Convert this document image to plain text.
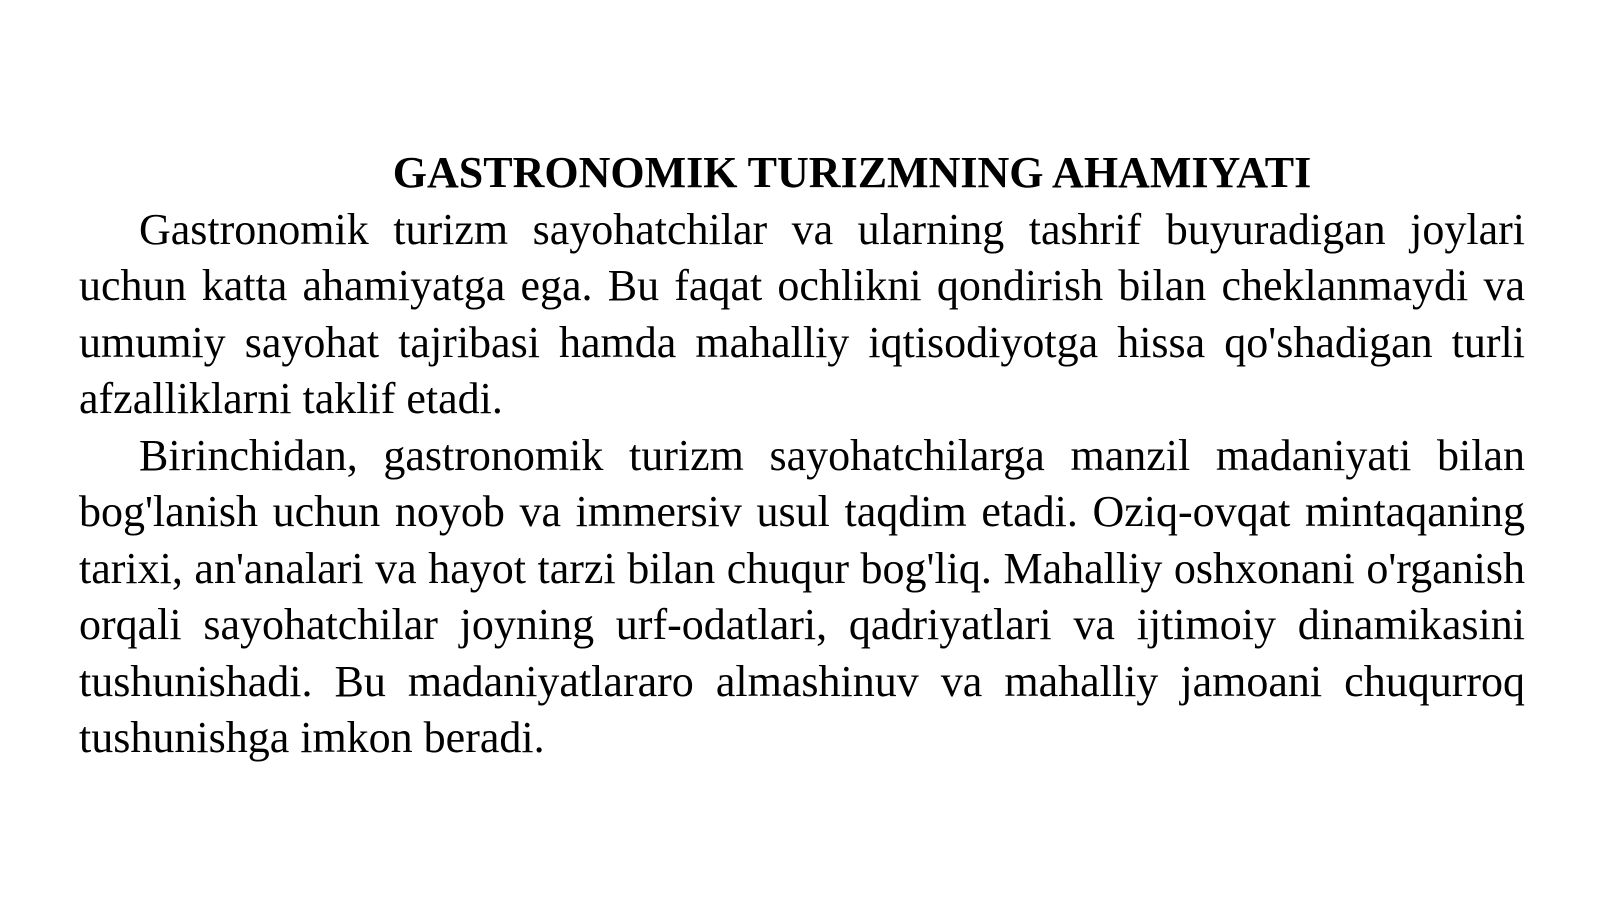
GASTRONOMIK TURIZMNING AHAMIYATI

Gastronomik turizm sayohatchilar va ularning tashrif buyuradigan joylari uchun katta ahamiyatga ega. Bu faqat ochlikni qondirish bilan cheklanmaydi va umumiy sayohat tajribasi hamda mahalliy iqtisodiyotga hissa qo'shadigan turli afzalliklarni taklif etadi.

Birinchidan, gastronomik turizm sayohatchilarga manzil madaniyati bilan bog'lanish uchun noyob va immersiv usul taqdim etadi. Oziq-ovqat mintaqaning tarixi, an'analari va hayot tarzi bilan chuqur bog'liq. Mahalliy oshxonani o'rganish orqali sayohatchilar joyning urf-odatlari, qadriyatlari va ijtimoiy dinamikasini tushunishadi. Bu madaniyatlararo almashinuv va mahalliy jamoani chuqurroq tushunishga imkon beradi.
